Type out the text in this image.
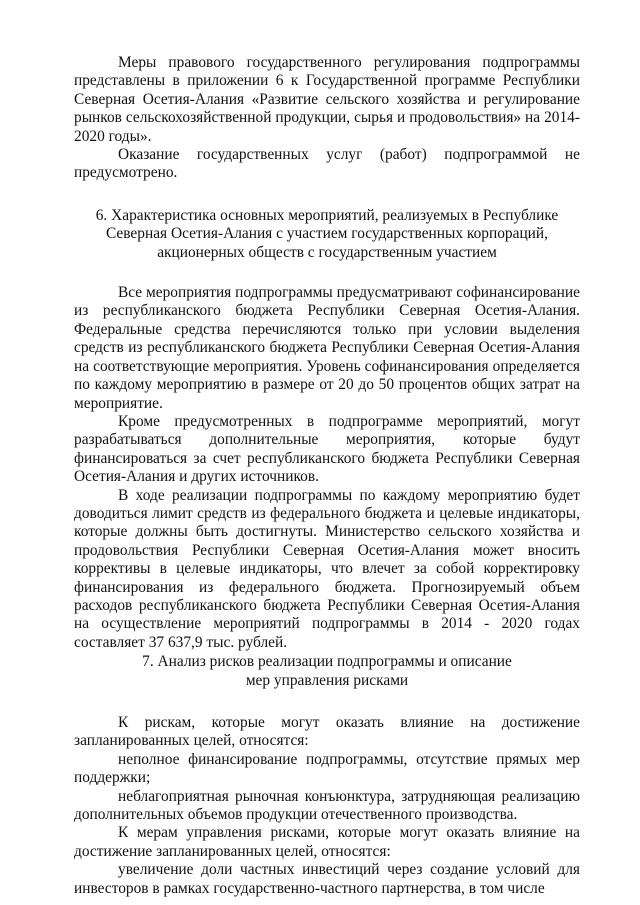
Меры правового государственного регулирования подпрограммы представлены в приложении 6 к Государственной программе Республики Северная Осетия-Алания «Развитие сельского хозяйства и регулирование рынков сельскохозяйственной продукции, сырья и продовольствия» на 2014-2020 годы».

Оказание государственных услуг (работ) подпрограммой не предусмотрено.

6. Характеристика основных мероприятий, реализуемых в Республике
Северная Осетия-Алания с участием государственных корпораций,
акционерных обществ с государственным участием

Все мероприятия подпрограммы предусматривают софинансирование из республиканского бюджета Республики Северная Осетия-Алания. Федеральные средства перечисляются только при условии выделения средств из республиканского бюджета Республики Северная Осетия-Алания на соответствующие мероприятия. Уровень софинансирования определяется по каждому мероприятию в размере от 20 до 50 процентов общих затрат на мероприятие.

Кроме предусмотренных в подпрограмме мероприятий, могут разрабатываться дополнительные мероприятия, которые будут финансироваться за счет республиканского бюджета Республики Северная Осетия-Алания и других источников.

В ходе реализации подпрограммы по каждому мероприятию будет доводиться лимит средств из федерального бюджета и целевые индикаторы, которые должны быть достигнуты. Министерство сельского хозяйства и продовольствия Республики Северная Осетия-Алания может вносить коррективы в целевые индикаторы, что влечет за собой корректировку финансирования из федерального бюджета. Прогнозируемый объем расходов республиканского бюджета Республики Северная Осетия-Алания на осуществление мероприятий подпрограммы в 2014 - 2020 годах составляет 37 637,9 тыс. рублей.

7. Анализ рисков реализации подпрограммы и описание
мер управления рисками

К рискам, которые могут оказать влияние на достижение запланированных целей, относятся:

неполное финансирование подпрограммы, отсутствие прямых мер поддержки;

неблагоприятная рыночная конъюнктура, затрудняющая реализацию дополнительных объемов продукции отечественного производства.

К мерам управления рисками, которые могут оказать влияние на достижение запланированных целей, относятся:

увеличение доли частных инвестиций через создание условий для инвесторов в рамках государственно-частного партнерства, в том числе
